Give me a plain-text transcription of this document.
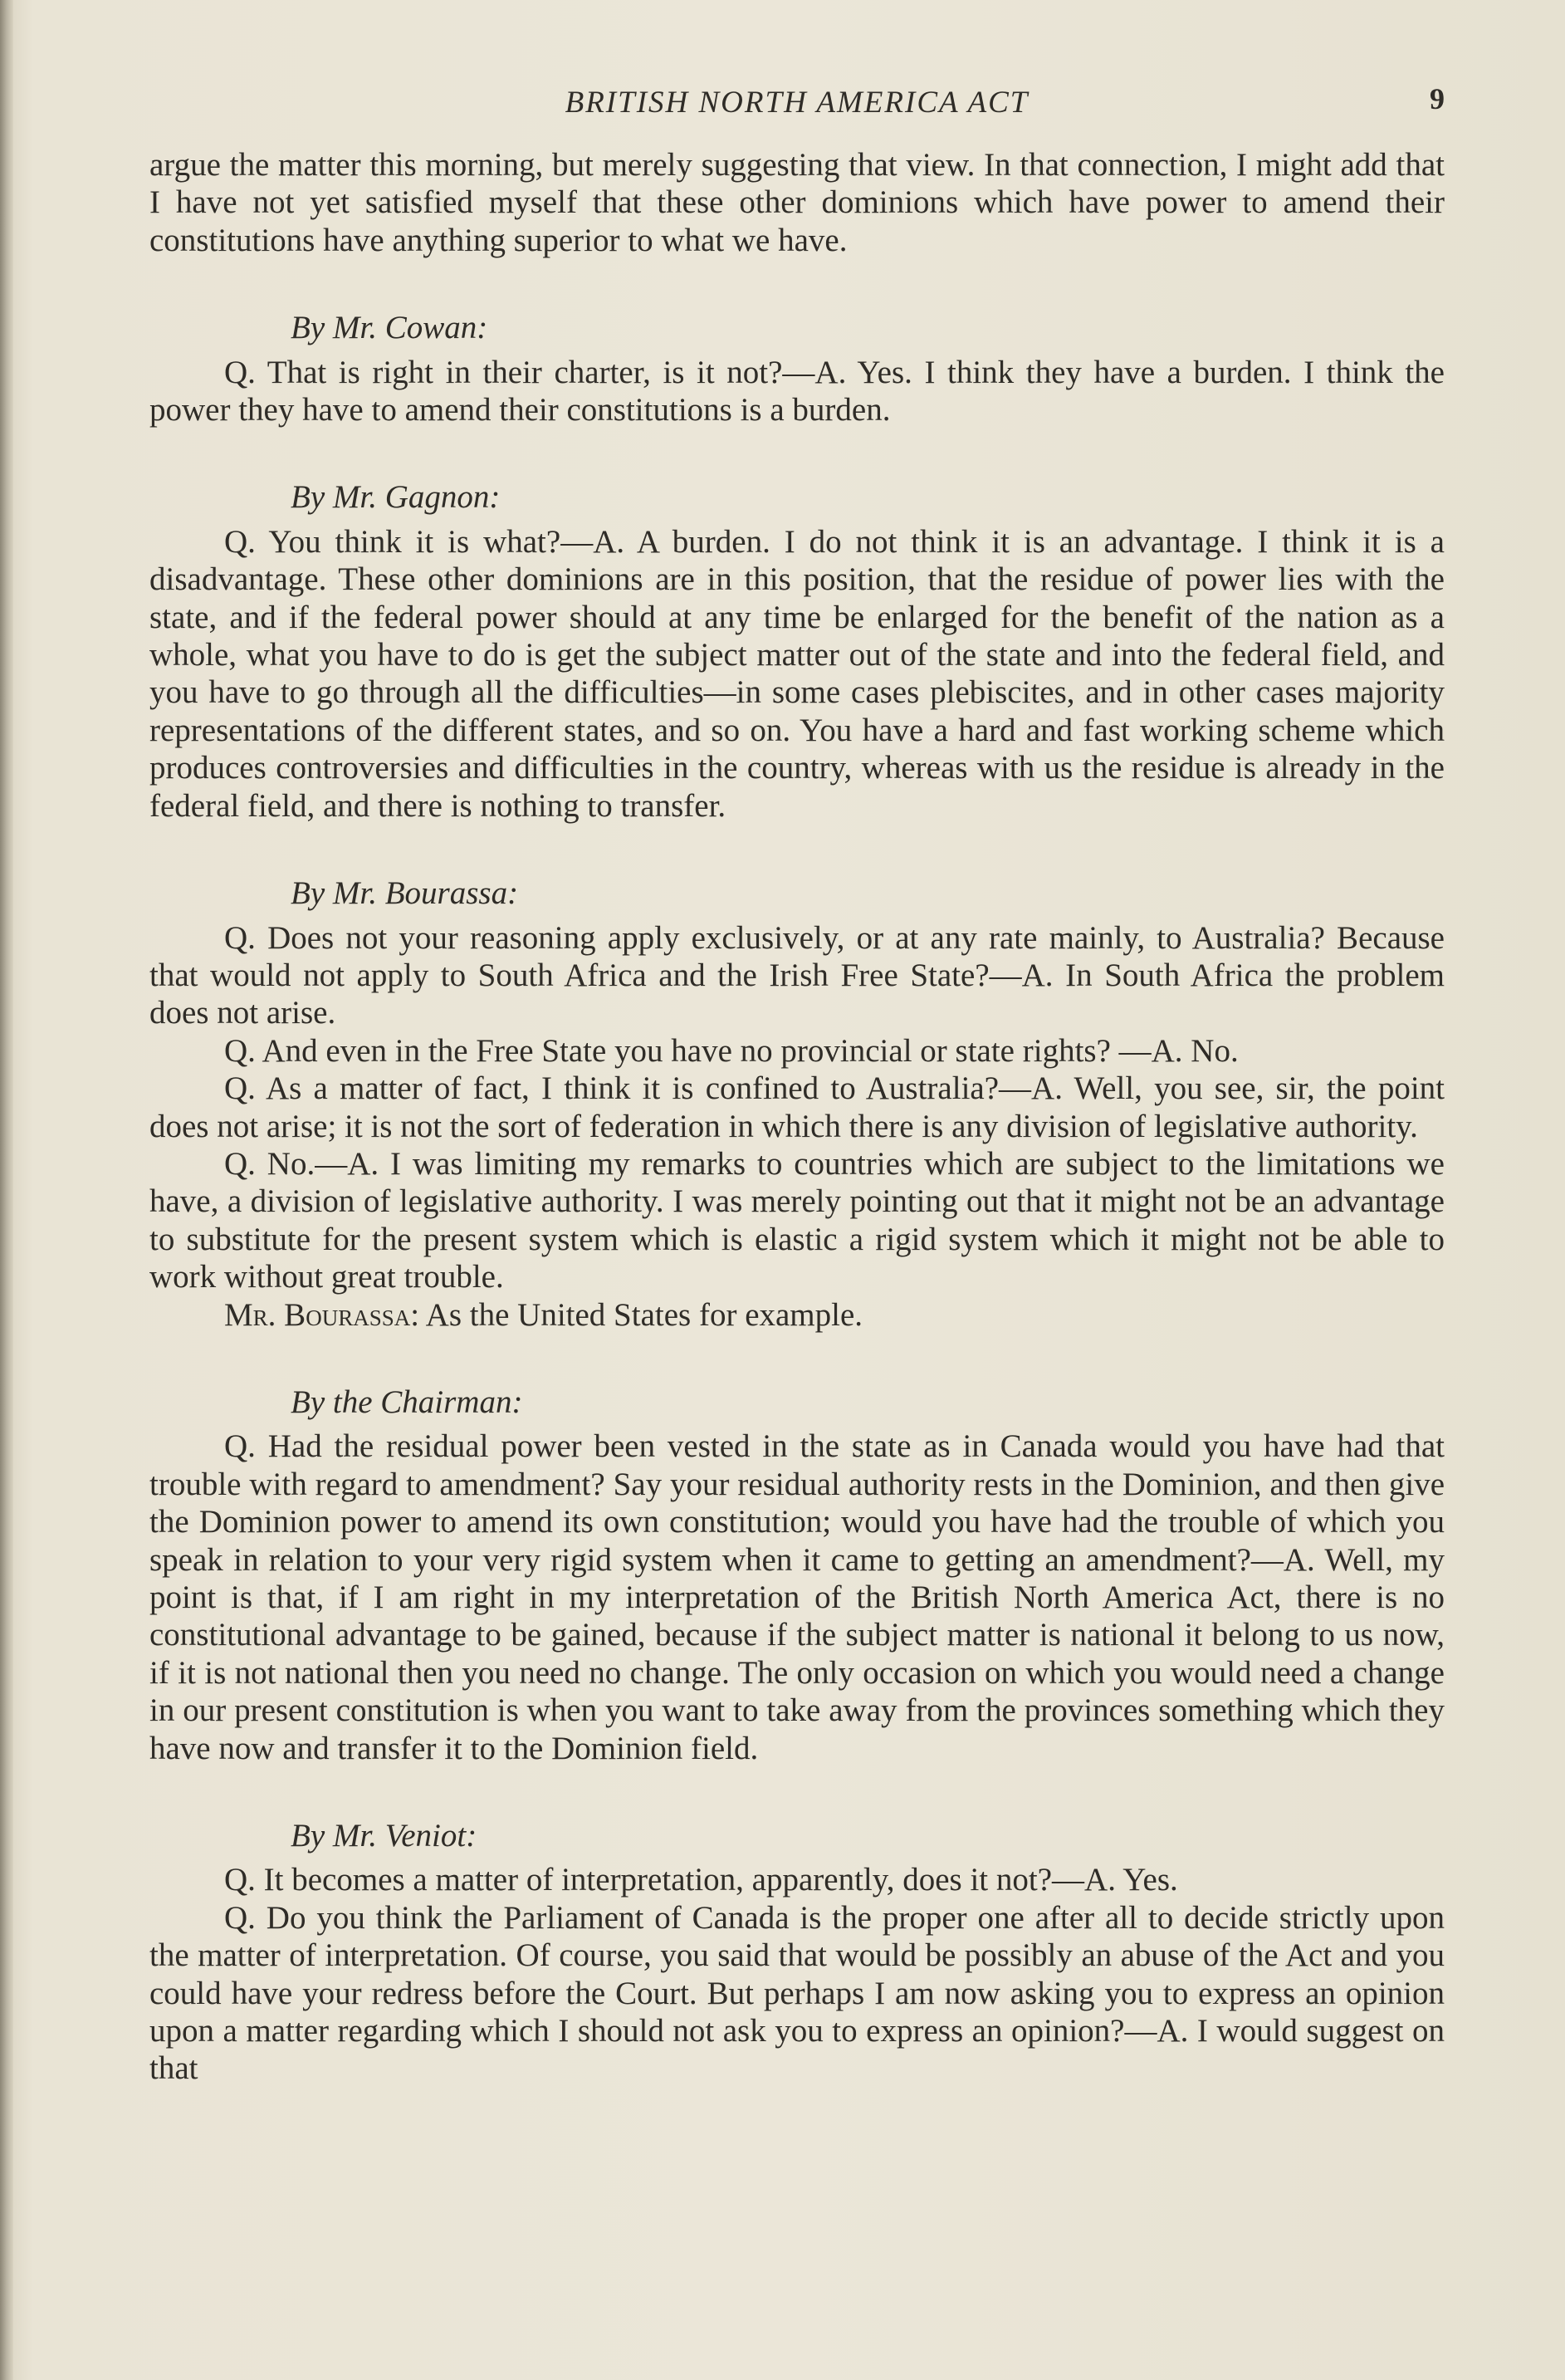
BRITISH NORTH AMERICA ACT	9

argue the matter this morning, but merely suggesting that view. In that connection, I might add that I have not yet satisfied myself that these other dominions which have power to amend their constitutions have anything superior to what we have.

By Mr. Cowan:

Q. That is right in their charter, is it not?—A. Yes. I think they have a burden. I think the power they have to amend their constitutions is a burden.

By Mr. Gagnon:

Q. You think it is what?—A. A burden. I do not think it is an advantage. I think it is a disadvantage. These other dominions are in this position, that the residue of power lies with the state, and if the federal power should at any time be enlarged for the benefit of the nation as a whole, what you have to do is get the subject matter out of the state and into the federal field, and you have to go through all the difficulties—in some cases plebiscites, and in other cases majority representations of the different states, and so on. You have a hard and fast working scheme which produces controversies and difficulties in the country, whereas with us the residue is already in the federal field, and there is nothing to transfer.

By Mr. Bourassa:

Q. Does not your reasoning apply exclusively, or at any rate mainly, to Australia? Because that would not apply to South Africa and the Irish Free State?—A. In South Africa the problem does not arise.

Q. And even in the Free State you have no provincial or state rights? —A. No.

Q. As a matter of fact, I think it is confined to Australia?—A. Well, you see, sir, the point does not arise; it is not the sort of federation in which there is any division of legislative authority.

Q. No.—A. I was limiting my remarks to countries which are subject to the limitations we have, a division of legislative authority. I was merely pointing out that it might not be an advantage to substitute for the present system which is elastic a rigid system which it might not be able to work without great trouble.

Mr. Bourassa: As the United States for example.

By the Chairman:

Q. Had the residual power been vested in the state as in Canada would you have had that trouble with regard to amendment? Say your residual authority rests in the Dominion, and then give the Dominion power to amend its own constitution; would you have had the trouble of which you speak in relation to your very rigid system when it came to getting an amendment?—A. Well, my point is that, if I am right in my interpretation of the British North America Act, there is no constitutional advantage to be gained, because if the subject matter is national it belong to us now, if it is not national then you need no change. The only occasion on which you would need a change in our present constitution is when you want to take away from the provinces something which they have now and transfer it to the Dominion field.

By Mr. Veniot:

Q. It becomes a matter of interpretation, apparently, does it not?—A. Yes.

Q. Do you think the Parliament of Canada is the proper one after all to decide strictly upon the matter of interpretation. Of course, you said that would be possibly an abuse of the Act and you could have your redress before the Court. But perhaps I am now asking you to express an opinion upon a matter regarding which I should not ask you to express an opinion?—A. I would suggest on that
